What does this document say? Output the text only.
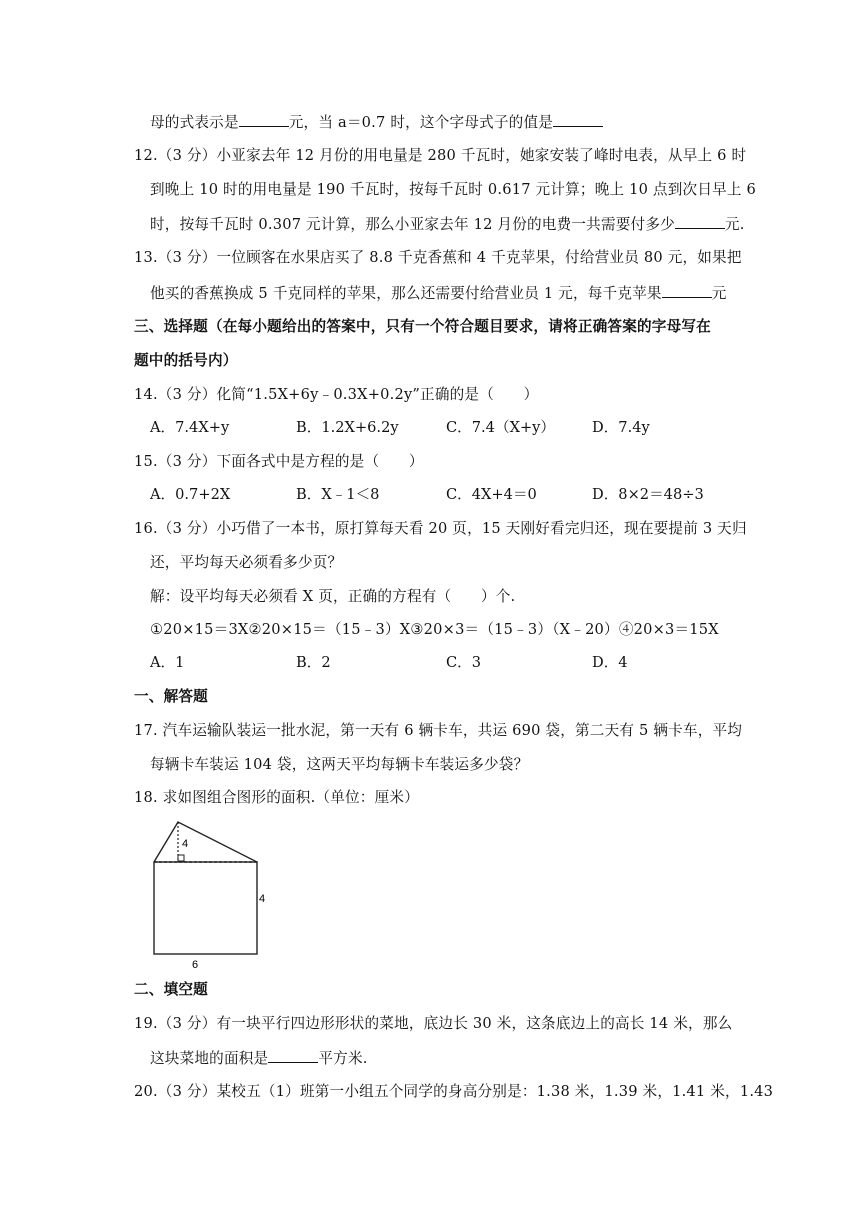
母的式表示是	元，当 a＝0.7 时，这个字母式子的值是
12.（3 分）小亚家去年 12 月份的用电量是 280 千瓦时，她家安装了峰时电表，从早上 6 时
到晚上 10 时的用电量是 190 千瓦时，按每千瓦时 0.617 元计算；晚上 10 点到次日早上 6
时，按每千瓦时 0.307 元计算，那么小亚家去年 12 月份的电费一共需要付多少	元.
13.（3 分）一位顾客在水果店买了 8.8 千克香蕉和 4 千克苹果，付给营业员 80 元，如果把
他买的香蕉换成 5 千克同样的苹果，那么还需要付给营业员 1 元，每千克苹果	元
三、选择题（在每小题给出的答案中，只有一个符合题目要求，请将正确答案的字母写在
题中的括号内）
14.（3 分）化简“1.5X+6y﹣0.3X+0.2y”正确的是（　　）
A．7.4X+y	B．1.2X+6.2y	C．7.4（X+y）	D．7.4y
15.（3 分）下面各式中是方程的是（　　）
A．0.7+2X	B．X﹣1＜8	C．4X+4＝0	D．8×2＝48÷3
16.（3 分）小巧借了一本书，原打算每天看 20 页，15 天刚好看完归还，现在要提前 3 天归
还，平均每天必须看多少页？
解：设平均每天必须看 X 页，正确的方程有（　　）个.
①20×15＝3X②20×15＝（15﹣3）X③20×3＝（15﹣3）（X﹣20）④20×3＝15X
A．1	B．2	C．3	D．4
一、解答题
17. 汽车运输队装运一批水泥，第一天有 6 辆卡车，共运 690 袋，第二天有 5 辆卡车，平均
每辆卡车装运 104 袋，这两天平均每辆卡车装运多少袋？
18. 求如图组合图形的面积.（单位：厘米）
4
4
6
二、填空题
19.（3 分）有一块平行四边形形状的菜地，底边长 30 米，这条底边上的高长 14 米，那么
这块菜地的面积是	平方米.
20.（3 分）某校五（1）班第一小组五个同学的身高分别是：1.38 米，1.39 米，1.41 米，1.43
